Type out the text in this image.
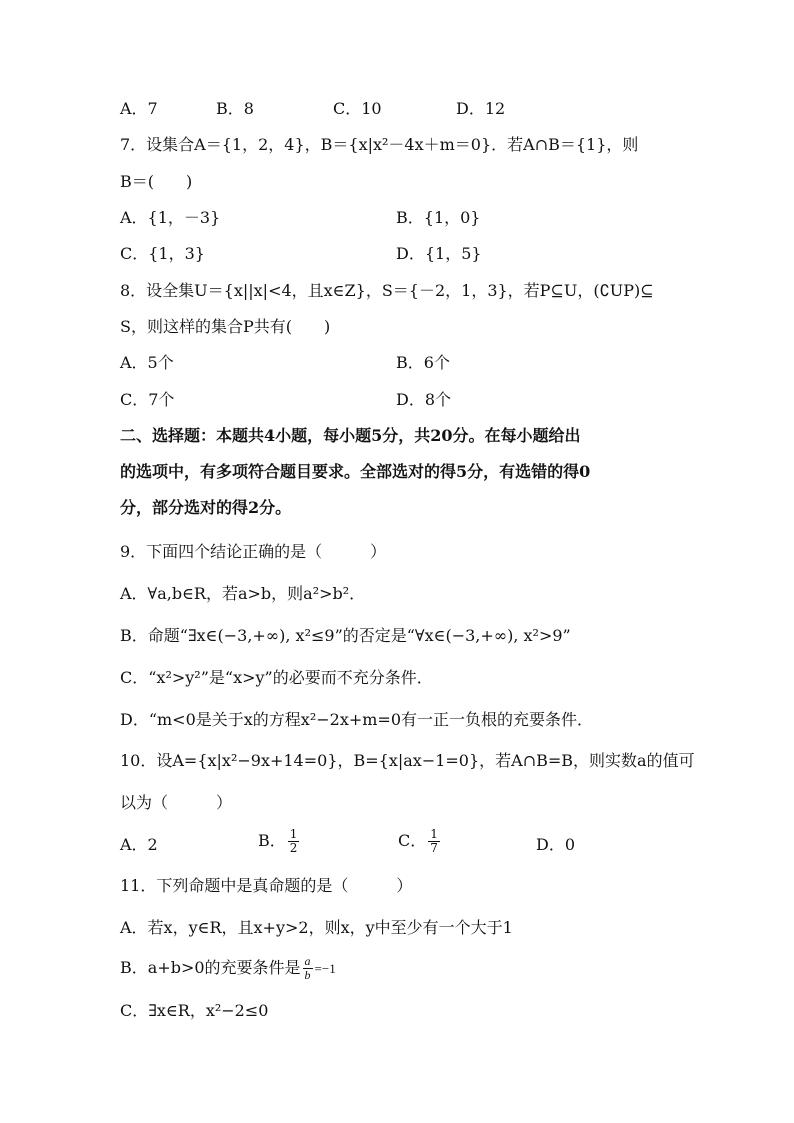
A．7	B．8	C．10	D．12
7．设集合A＝{1，2，4}，B＝{x|x²－4x＋m＝0}．若A∩B＝{1}，则
B＝(　　)
A．{1，－3}	B．{1，0}
C．{1，3}	D．{1，5}
8．设全集U＝{x||x|<4，且x∈Z}，S＝{－2，1，3}，若P⊆U，(∁UP)⊆
S，则这样的集合P共有(　　)
A．5个	B．6个
C．7个	D．8个
二、选择题：本题共4小题，每小题5分，共20分。在每小题给出
的选项中，有多项符合题目要求。全部选对的得5分，有选错的得0
分，部分选对的得2分。
9．下面四个结论正确的是（　　　）
A．∀a,b∈R，若a>b，则a²>b²．
B．命题“∃x∈(−3,+∞), x²≤9”的否定是“∀x∈(−3,+∞), x²>9”
C．“x²>y²”是“x>y”的必要而不充分条件．
D．“m<0是关于x的方程x²−2x+m=0有一正一负根的充要条件．
10．设A={x|x²−9x+14=0}，B={x|ax−1=0}，若A∩B=B，则实数a的值可
以为（　　　）
A．2	B． $\frac{1}{2}$	C． $\frac{1}{7}$	D．0
11．下列命题中是真命题的是（　　　）
A．若x，y∈R，且x+y>2，则x，y中至少有一个大于1
B．a+b>0的充要条件是 $\frac{a}{b} =-1$
C．∃x∈R，x²−2≤0
